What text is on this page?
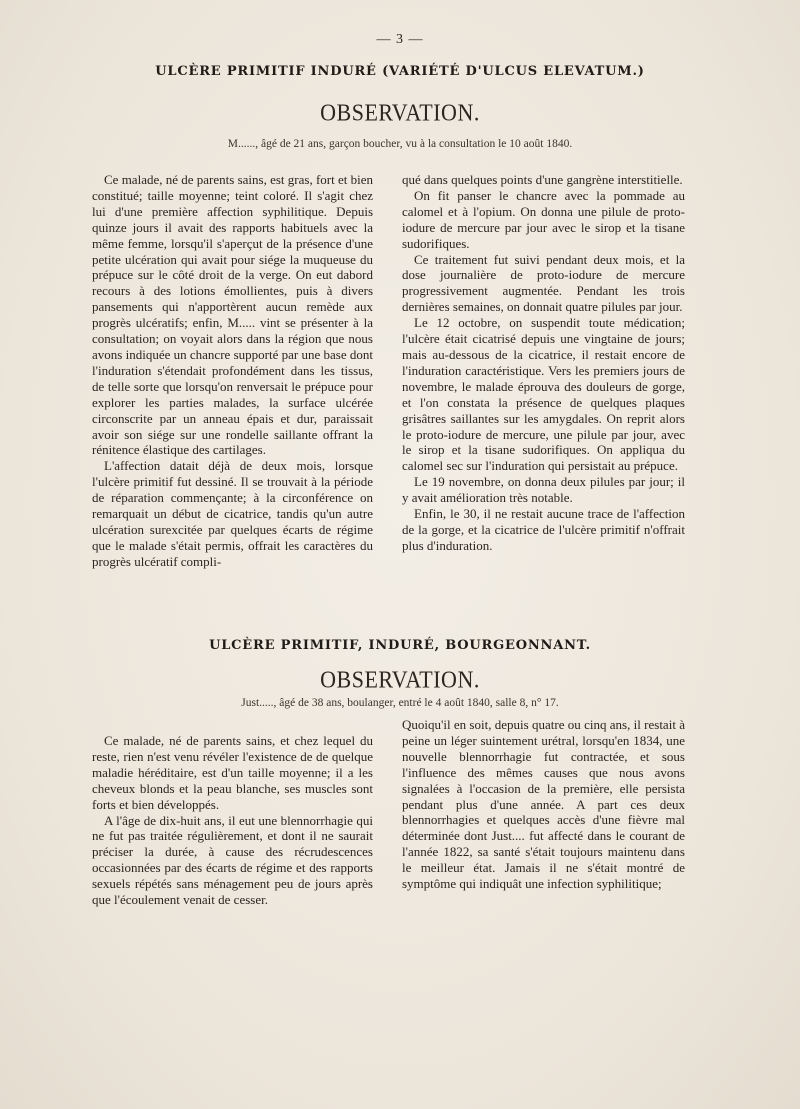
— 3 —
ULCÈRE PRIMITIF INDURÉ (VARIÉTÉ D'ULCUS ELEVATUM.)
OBSERVATION.
M......, âgé de 21 ans, garçon boucher, vu à la consultation le 10 août 1840.

Ce malade, né de parents sains, est gras, fort et bien constitué; taille moyenne; teint coloré. Il s'agit chez lui d'une première affection syphilitique. Depuis quinze jours il avait des rapports habituels avec la même femme, lorsqu'il s'aperçut de la présence d'une petite ulcération qui avait pour siége la muqueuse du prépuce sur le côté droit de la verge. On eut dabord recours à des lotions émollientes, puis à divers pansements qui n'apportèrent aucun remède aux progrès ulcératifs; enfin, M..... vint se présenter à la consultation; on voyait alors dans la région que nous avons indiquée un chancre supporté par une base dont l'induration s'étendait profondément dans les tissus, de telle sorte que lorsqu'on renversait le prépuce pour explorer les parties malades, la surface ulcérée circonscrite par un anneau épais et dur, paraissait avoir son siége sur une rondelle saillante offrant la rénitence élastique des cartilages.

L'affection datait déjà de deux mois, lorsque l'ulcère primitif fut dessiné. Il se trouvait à la période de réparation commençante; à la circonférence on remarquait un début de cicatrice, tandis qu'un autre ulcération surexcitée par quelques écarts de régime que le malade s'était permis, offrait les caractères du progrès ulcératif compli-

qué dans quelques points d'une gangrène interstitielle.

On fit panser le chancre avec la pommade au calomel et à l'opium. On donna une pilule de proto-iodure de mercure par jour avec le sirop et la tisane sudorifiques.

Ce traitement fut suivi pendant deux mois, et la dose journalière de proto-iodure de mercure progressivement augmentée. Pendant les trois dernières semaines, on donnait quatre pilules par jour.

Le 12 octobre, on suspendit toute médication; l'ulcère était cicatrisé depuis une vingtaine de jours; mais au-dessous de la cicatrice, il restait encore de l'induration caractéristique. Vers les premiers jours de novembre, le malade éprouva des douleurs de gorge, et l'on constata la présence de quelques plaques grisâtres saillantes sur les amygdales. On reprit alors le proto-iodure de mercure, une pilule par jour, avec le sirop et la tisane sudorifiques. On appliqua du calomel sec sur l'induration qui persistait au prépuce.

Le 19 novembre, on donna deux pilules par jour; il y avait amélioration très notable.

Enfin, le 30, il ne restait aucune trace de l'affection de la gorge, et la cicatrice de l'ulcère primitif n'offrait plus d'induration.

ULCÈRE PRIMITIF, INDURÉ, BOURGEONNANT.
OBSERVATION.
Just....., âgé de 38 ans, boulanger, entré le 4 août 1840, salle 8, n° 17.

Ce malade, né de parents sains, et chez lequel du reste, rien n'est venu révéler l'existence de de quelque maladie héréditaire, est d'un taille moyenne; il a les cheveux blonds et la peau blanche, ses muscles sont forts et bien développés.

A l'âge de dix-huit ans, il eut une blennorrhagie qui ne fut pas traitée régulièrement, et dont il ne saurait préciser la durée, à cause des récrudescences occasionnées par des écarts de régime et des rapports sexuels répétés sans ménagement peu de jours après que l'écoulement venait de cesser.

Quoiqu'il en soit, depuis quatre ou cinq ans, il restait à peine un léger suintement urétral, lorsqu'en 1834, une nouvelle blennorrhagie fut contractée, et sous l'influence des mêmes causes que nous avons signalées à l'occasion de la première, elle persista pendant plus d'une année. A part ces deux blennorrhagies et quelques accès d'une fièvre mal déterminée dont Just.... fut affecté dans le courant de l'année 1822, sa santé s'était toujours maintenu dans le meilleur état. Jamais il ne s'était montré de symptôme qui indiquât une infection syphilitique;
